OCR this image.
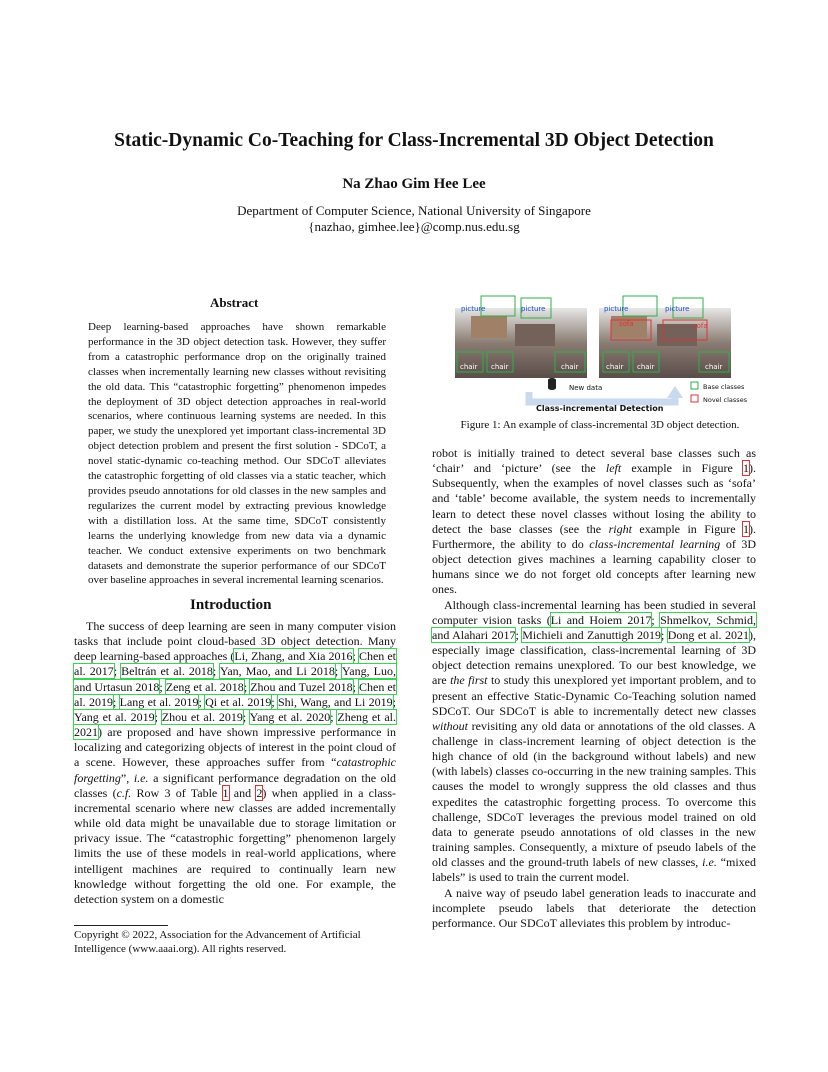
Static-Dynamic Co-Teaching for Class-Incremental 3D Object Detection
Na Zhao Gim Hee Lee
Department of Computer Science, National University of Singapore
{nazhao, gimhee.lee}@comp.nus.edu.sg
Abstract
Deep learning-based approaches have shown remarkable performance in the 3D object detection task. However, they suffer from a catastrophic performance drop on the originally trained classes when incrementally learning new classes without revisiting the old data. This “catastrophic forgetting” phenomenon impedes the deployment of 3D object detection approaches in real-world scenarios, where continuous learning systems are needed. In this paper, we study the unexplored yet important class-incremental 3D object detection problem and present the first solution - SDCoT, a novel static-dynamic co-teaching method. Our SDCoT alleviates the catastrophic forgetting of old classes via a static teacher, which provides pseudo annotations for old classes in the new samples and regularizes the current model by extracting previous knowledge with a distillation loss. At the same time, SDCoT consistently learns the underlying knowledge from new data via a dynamic teacher. We conduct extensive experiments on two benchmark datasets and demonstrate the superior performance of our SDCoT over baseline approaches in several incremental learning scenarios.
Introduction

The success of deep learning are seen in many computer vision tasks that include point cloud-based 3D object detection. Many deep learning-based approaches (Li, Zhang, and Xia 2016; Chen et al. 2017; Beltrán et al. 2018; Yan, Mao, and Li 2018; Yang, Luo, and Urtasun 2018; Zeng et al. 2018; Zhou and Tuzel 2018; Chen et al. 2019; Lang et al. 2019; Qi et al. 2019; Shi, Wang, and Li 2019; Yang et al. 2019; Zhou et al. 2019; Yang et al. 2020; Zheng et al. 2021) are proposed and have shown impressive performance in localizing and categorizing objects of interest in the point cloud of a scene. However, these approaches suffer from “catastrophic forgetting”, i.e. a significant performance degradation on the old classes (c.f. Row 3 of Table 1 and 2) when applied in a class-incremental scenario where new classes are added incrementally while old data might be unavailable due to storage limitation or privacy issue. The “catastrophic forgetting” phenomenon largely limits the use of these models in real-world applications, where intelligent machines are required to continually learn new knowledge without forgetting the old one. For example, the detection system on a domestic

Copyright © 2022, Association for the Advancement of Artificial Intelligence (www.aaai.org). All rights reserved.
picture	picture
chair chair	chair
picture	picture
sofa	sofa
chair chair	chair
New data
Class-incremental Detection
Base classes
Novel classes
Figure 1: An example of class-incremental 3D object detection.

robot is initially trained to detect several base classes such as ‘chair’ and ‘picture’ (see the left example in Figure 1). Subsequently, when the examples of novel classes such as ‘sofa’ and ‘table’ become available, the system needs to incrementally learn to detect these novel classes without losing the ability to detect the base classes (see the right example in Figure 1). Furthermore, the ability to do class-incremental learning of 3D object detection gives machines a learning capability closer to humans since we do not forget old concepts after learning new ones.

Although class-incremental learning has been studied in several computer vision tasks (Li and Hoiem 2017; Shmelkov, Schmid, and Alahari 2017; Michieli and Zanuttigh 2019; Dong et al. 2021), especially image classification, class-incremental learning of 3D object detection remains unexplored. To our best knowledge, we are the first to study this unexplored yet important problem, and to present an effective Static-Dynamic Co-Teaching solution named SDCoT. Our SDCoT is able to incrementally detect new classes without revisiting any old data or annotations of the old classes. A challenge in class-increment learning of object detection is the high chance of old (in the background without labels) and new (with labels) classes co-occurring in the new training samples. This causes the model to wrongly suppress the old classes and thus expedites the catastrophic forgetting process. To overcome this challenge, SDCoT leverages the previous model trained on old data to generate pseudo annotations of old classes in the new training samples. Consequently, a mixture of pseudo labels of the old classes and the ground-truth labels of new classes, i.e. “mixed labels” is used to train the current model.

A naive way of pseudo label generation leads to inaccurate and incomplete pseudo labels that deteriorate the detection performance. Our SDCoT alleviates this problem by introduc-
